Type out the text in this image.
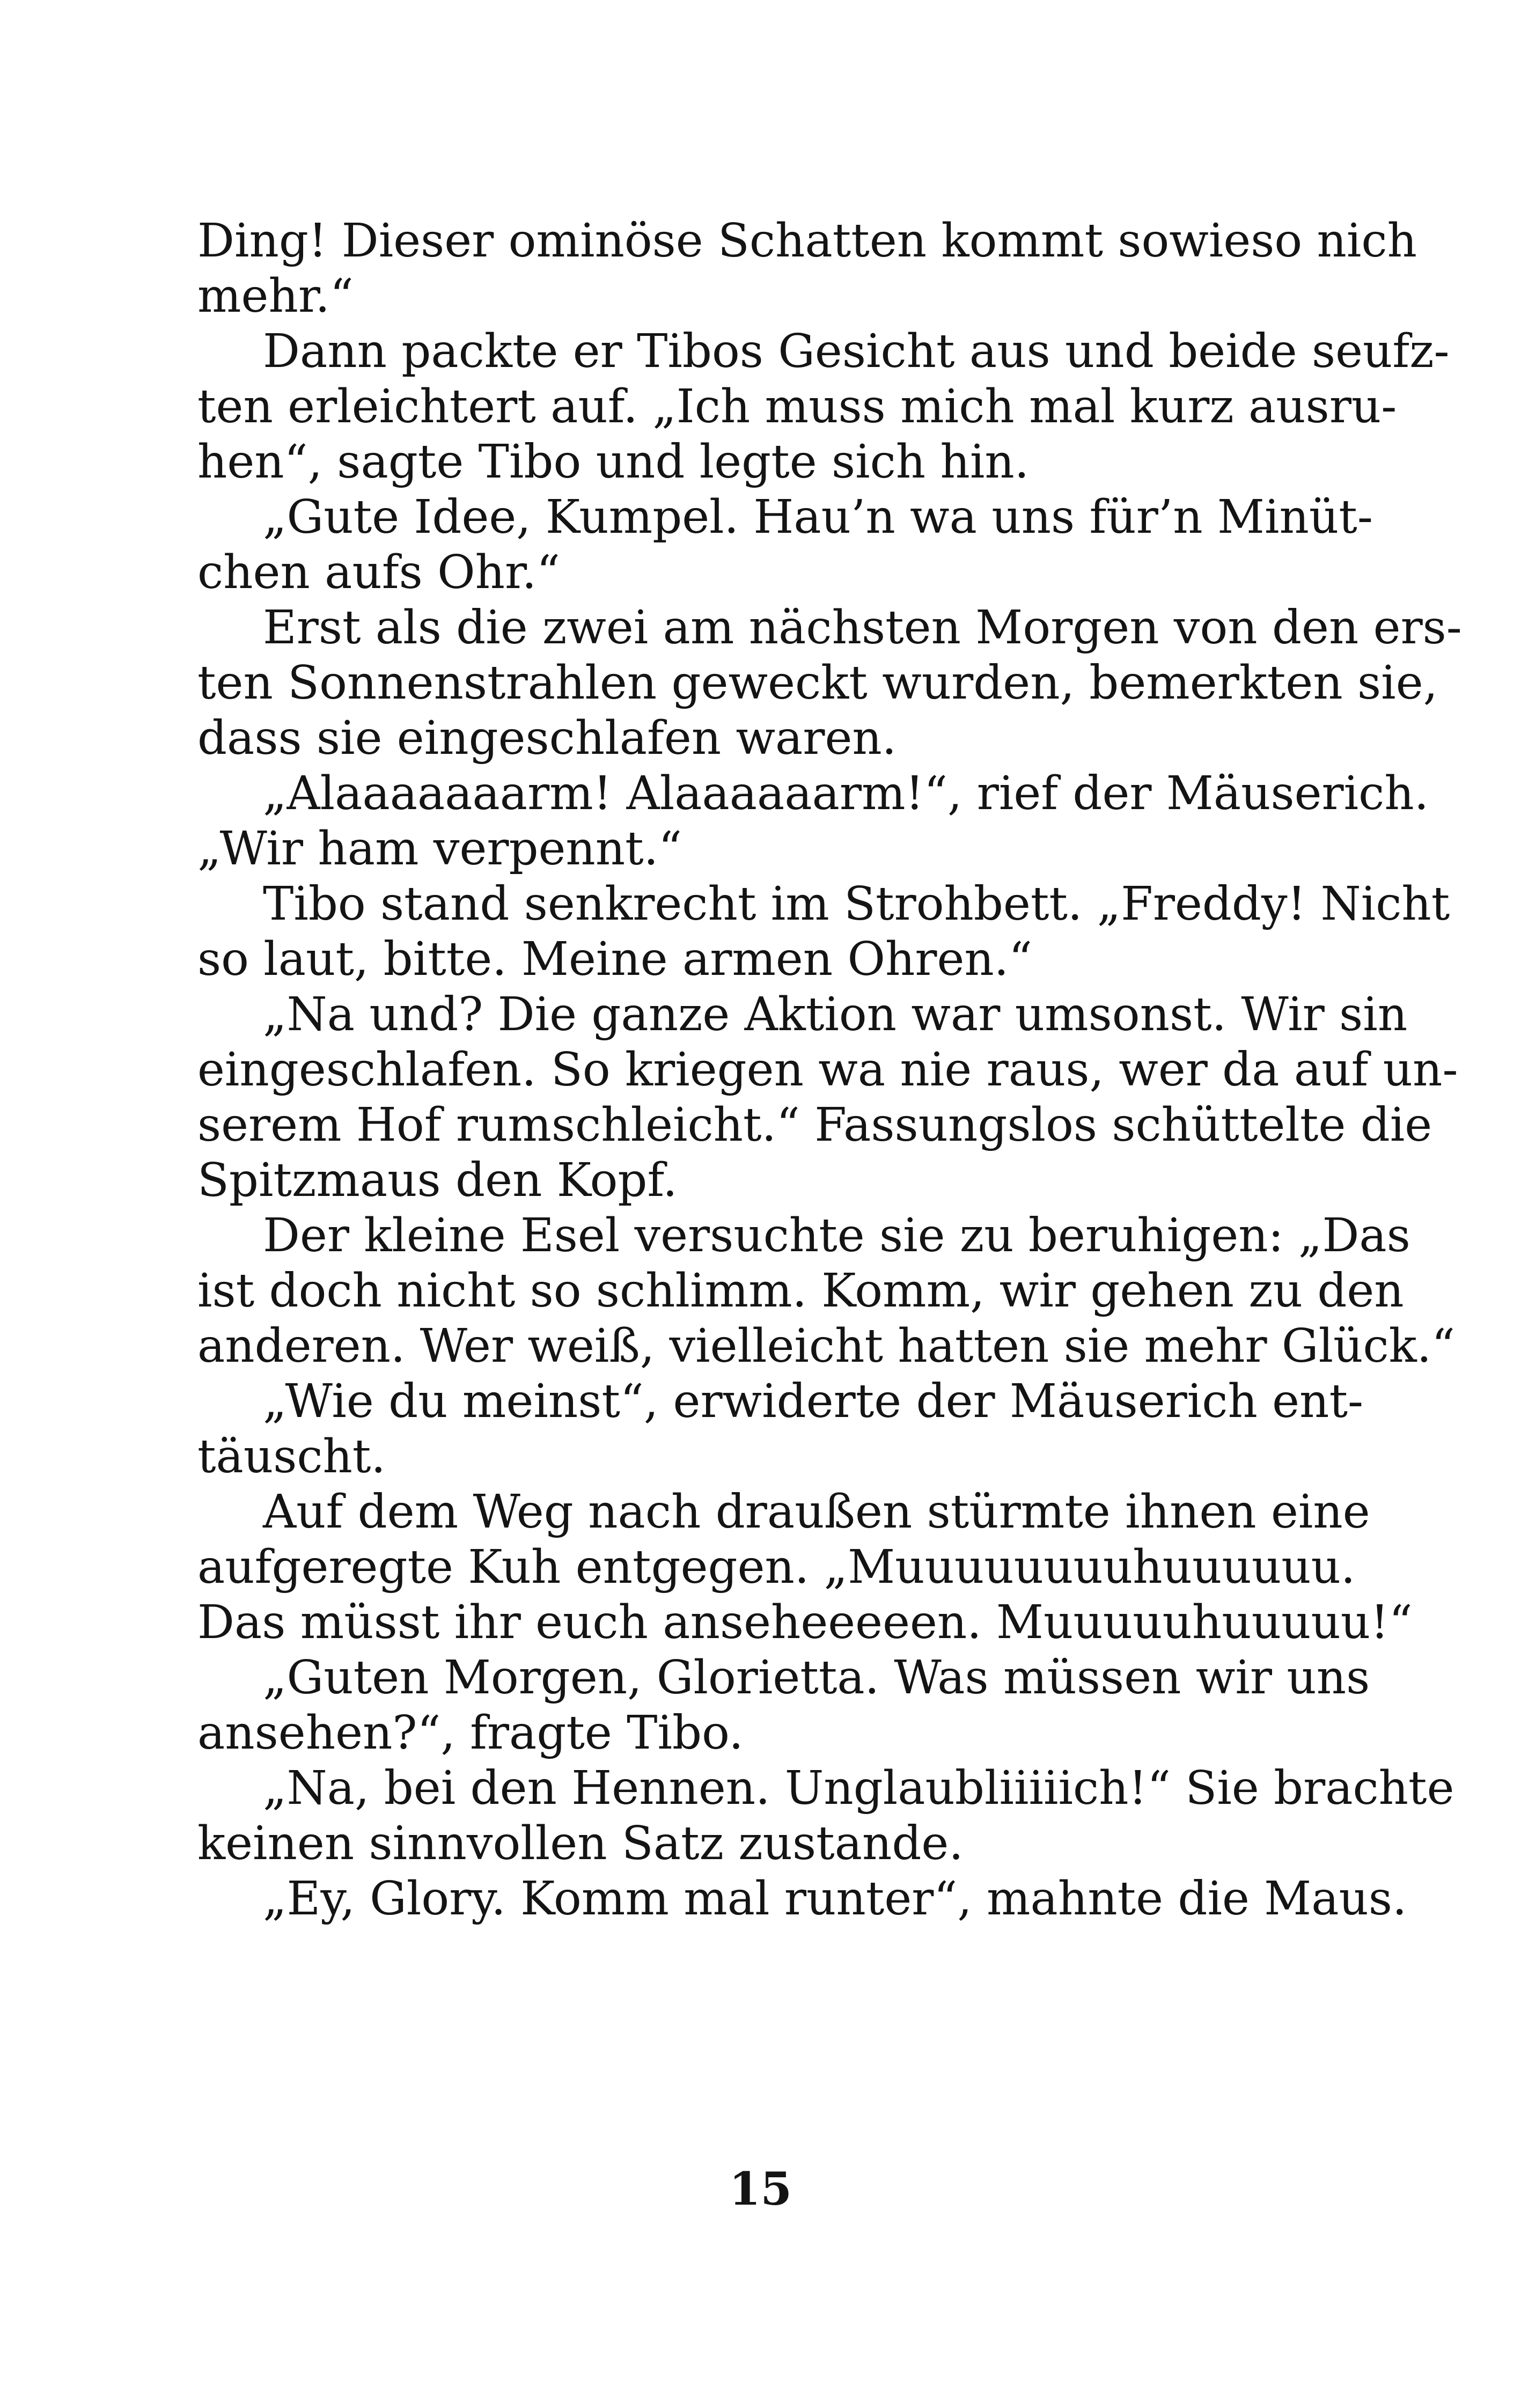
Ding! Dieser ominöse Schatten kommt sowieso nich
mehr.“
Dann packte er Tibos Gesicht aus und beide seufz-
ten erleichtert auf. „Ich muss mich mal kurz ausru-
hen“, sagte Tibo und legte sich hin.
„Gute Idee, Kumpel. Hau’n wa uns für’n Minüt-
chen aufs Ohr.“
Erst als die zwei am nächsten Morgen von den ers-
ten Sonnenstrahlen geweckt wurden, bemerkten sie,
dass sie eingeschlafen waren.
„Alaaaaaaarm! Alaaaaaarm!“, rief der Mäuserich.
„Wir ham verpennt.“
Tibo stand senkrecht im Strohbett. „Freddy! Nicht
so laut, bitte. Meine armen Ohren.“
„Na und? Die ganze Aktion war umsonst. Wir sin
eingeschlafen. So kriegen wa nie raus, wer da auf un-
serem Hof rumschleicht.“ Fassungslos schüttelte die
Spitzmaus den Kopf.
Der kleine Esel versuchte sie zu beruhigen: „Das
ist doch nicht so schlimm. Komm, wir gehen zu den
anderen. Wer weiß, vielleicht hatten sie mehr Glück.“
„Wie du meinst“, erwiderte der Mäuserich ent-
täuscht.
Auf dem Weg nach draußen stürmte ihnen eine
aufgeregte Kuh entgegen. „Muuuuuuuuhuuuuuu.
Das müsst ihr euch anseheeeeen. Muuuuuhuuuuu!“
„Guten Morgen, Glorietta. Was müssen wir uns
ansehen?“, fragte Tibo.
„Na, bei den Hennen. Unglaubliiiiich!“ Sie brachte
keinen sinnvollen Satz zustande.
„Ey, Glory. Komm mal runter“, mahnte die Maus.
15
